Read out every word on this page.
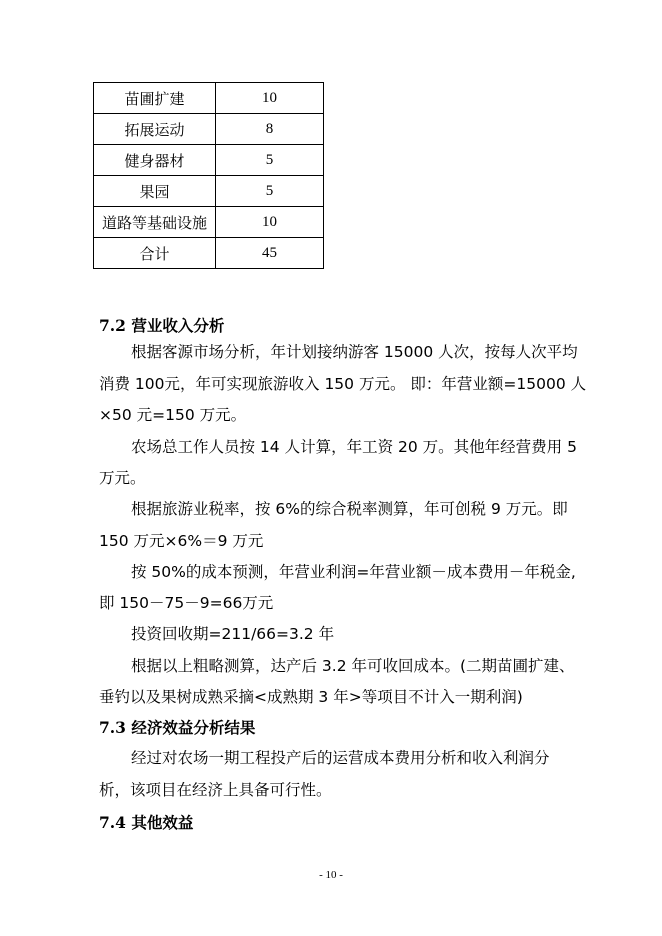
苗圃扩建	10
拓展运动	8
健身器材	5
果园	5
道路等基础设施	10
合计	45
7.2 营业收入分析
根据客源市场分析，年计划接纳游客 15000 人次，按每人次平均
消费 100元，年可实现旅游收入 150 万元。 即：年营业额=15000 人
×50 元=150 万元。
农场总工作人员按 14 人计算，年工资 20 万。其他年经营费用 5
万元。
根据旅游业税率，按 6%的综合税率测算，年可创税 9 万元。即
150 万元×6%＝9 万元
按 50%的成本预测，年营业利润=年营业额－成本费用－年税金,
即 150－75－9=66万元
投资回收期=211/66=3.2 年
根据以上粗略测算，达产后 3.2 年可收回成本。(二期苗圃扩建、
垂钓以及果树成熟采摘<成熟期 3 年>等项目不计入一期利润)
7.3 经济效益分析结果
经过对农场一期工程投产后的运营成本费用分析和收入利润分
析，该项目在经济上具备可行性。
7.4 其他效益
- 10 -
